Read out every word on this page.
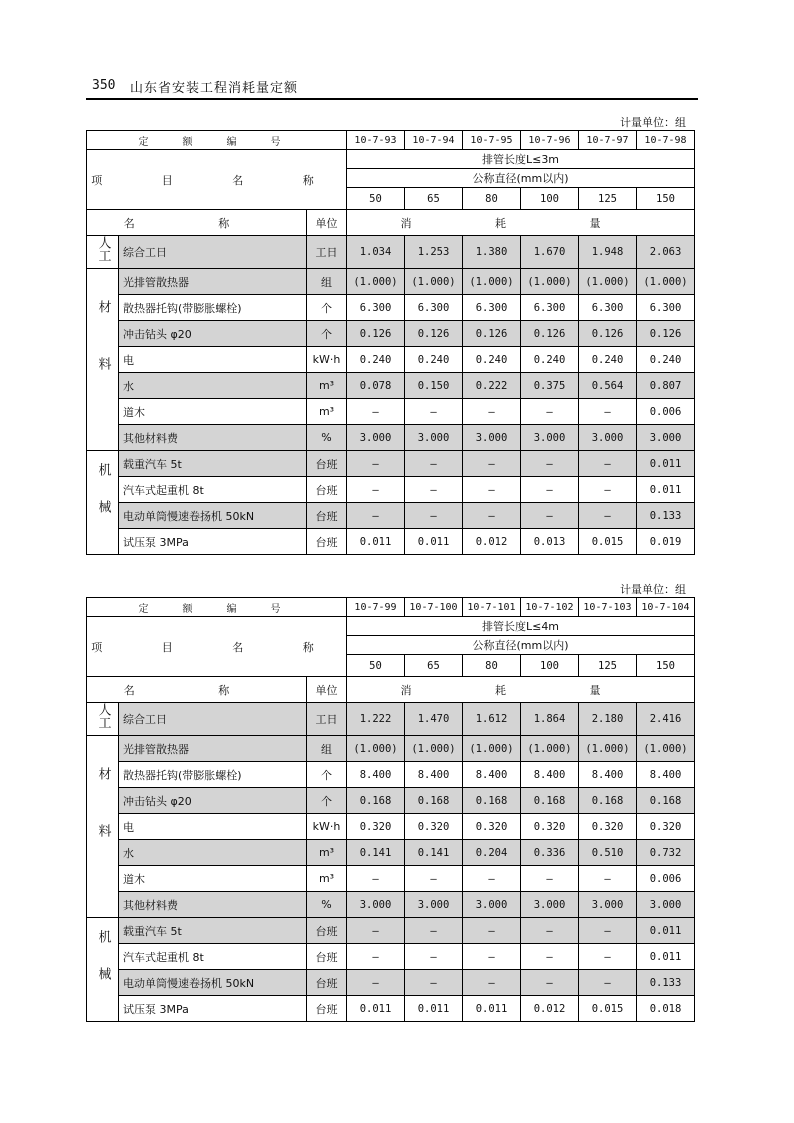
350 山东省安装工程消耗量定额
计量单位：组
计量单位：组
定 额 编 号			10-7-93	10-7-94	10-7-95	10-7-96	10-7-97	10-7-98
项 目 名 称			排管长度L≤3m					
			公称直径(mm以内)					
			50	65	80	100	125	150
名 称		单位	消 耗 量					
人工	综合工日	工日	1.034	1.253	1.380	1.670	1.948	2.063
材料	光排管散热器	组	(1.000)	(1.000)	(1.000)	(1.000)	(1.000)	(1.000)
	散热器托钩(带膨胀螺栓)	个	6.300	6.300	6.300	6.300	6.300	6.300
	冲击钻头 φ20	个	0.126	0.126	0.126	0.126	0.126	0.126
	电	kW·h	0.240	0.240	0.240	0.240	0.240	0.240
	水	m³	0.078	0.150	0.222	0.375	0.564	0.807
	道木	m³	—	—	—	—	—	0.006
	其他材料费	%	3.000	3.000	3.000	3.000	3.000	3.000
机械	载重汽车 5t	台班	—	—	—	—	—	0.011
	汽车式起重机 8t	台班	—	—	—	—	—	0.011
	电动单筒慢速卷扬机 50kN	台班	—	—	—	—	—	0.133
	试压泵 3MPa	台班	0.011	0.011	0.012	0.013	0.015	0.019
定 额 编 号			10-7-99	10-7-100	10-7-101	10-7-102	10-7-103	10-7-104
项 目 名 称			排管长度L≤4m					
			公称直径(mm以内)					
			50	65	80	100	125	150
名 称		单位	消 耗 量					
人工	综合工日	工日	1.222	1.470	1.612	1.864	2.180	2.416
材料	光排管散热器	组	(1.000)	(1.000)	(1.000)	(1.000)	(1.000)	(1.000)
	散热器托钩(带膨胀螺栓)	个	8.400	8.400	8.400	8.400	8.400	8.400
	冲击钻头 φ20	个	0.168	0.168	0.168	0.168	0.168	0.168
	电	kW·h	0.320	0.320	0.320	0.320	0.320	0.320
	水	m³	0.141	0.141	0.204	0.336	0.510	0.732
	道木	m³	—	—	—	—	—	0.006
	其他材料费	%	3.000	3.000	3.000	3.000	3.000	3.000
机械	载重汽车 5t	台班	—	—	—	—	—	0.011
	汽车式起重机 8t	台班	—	—	—	—	—	0.011
	电动单筒慢速卷扬机 50kN	台班	—	—	—	—	—	0.133
	试压泵 3MPa	台班	0.011	0.011	0.011	0.012	0.015	0.018
